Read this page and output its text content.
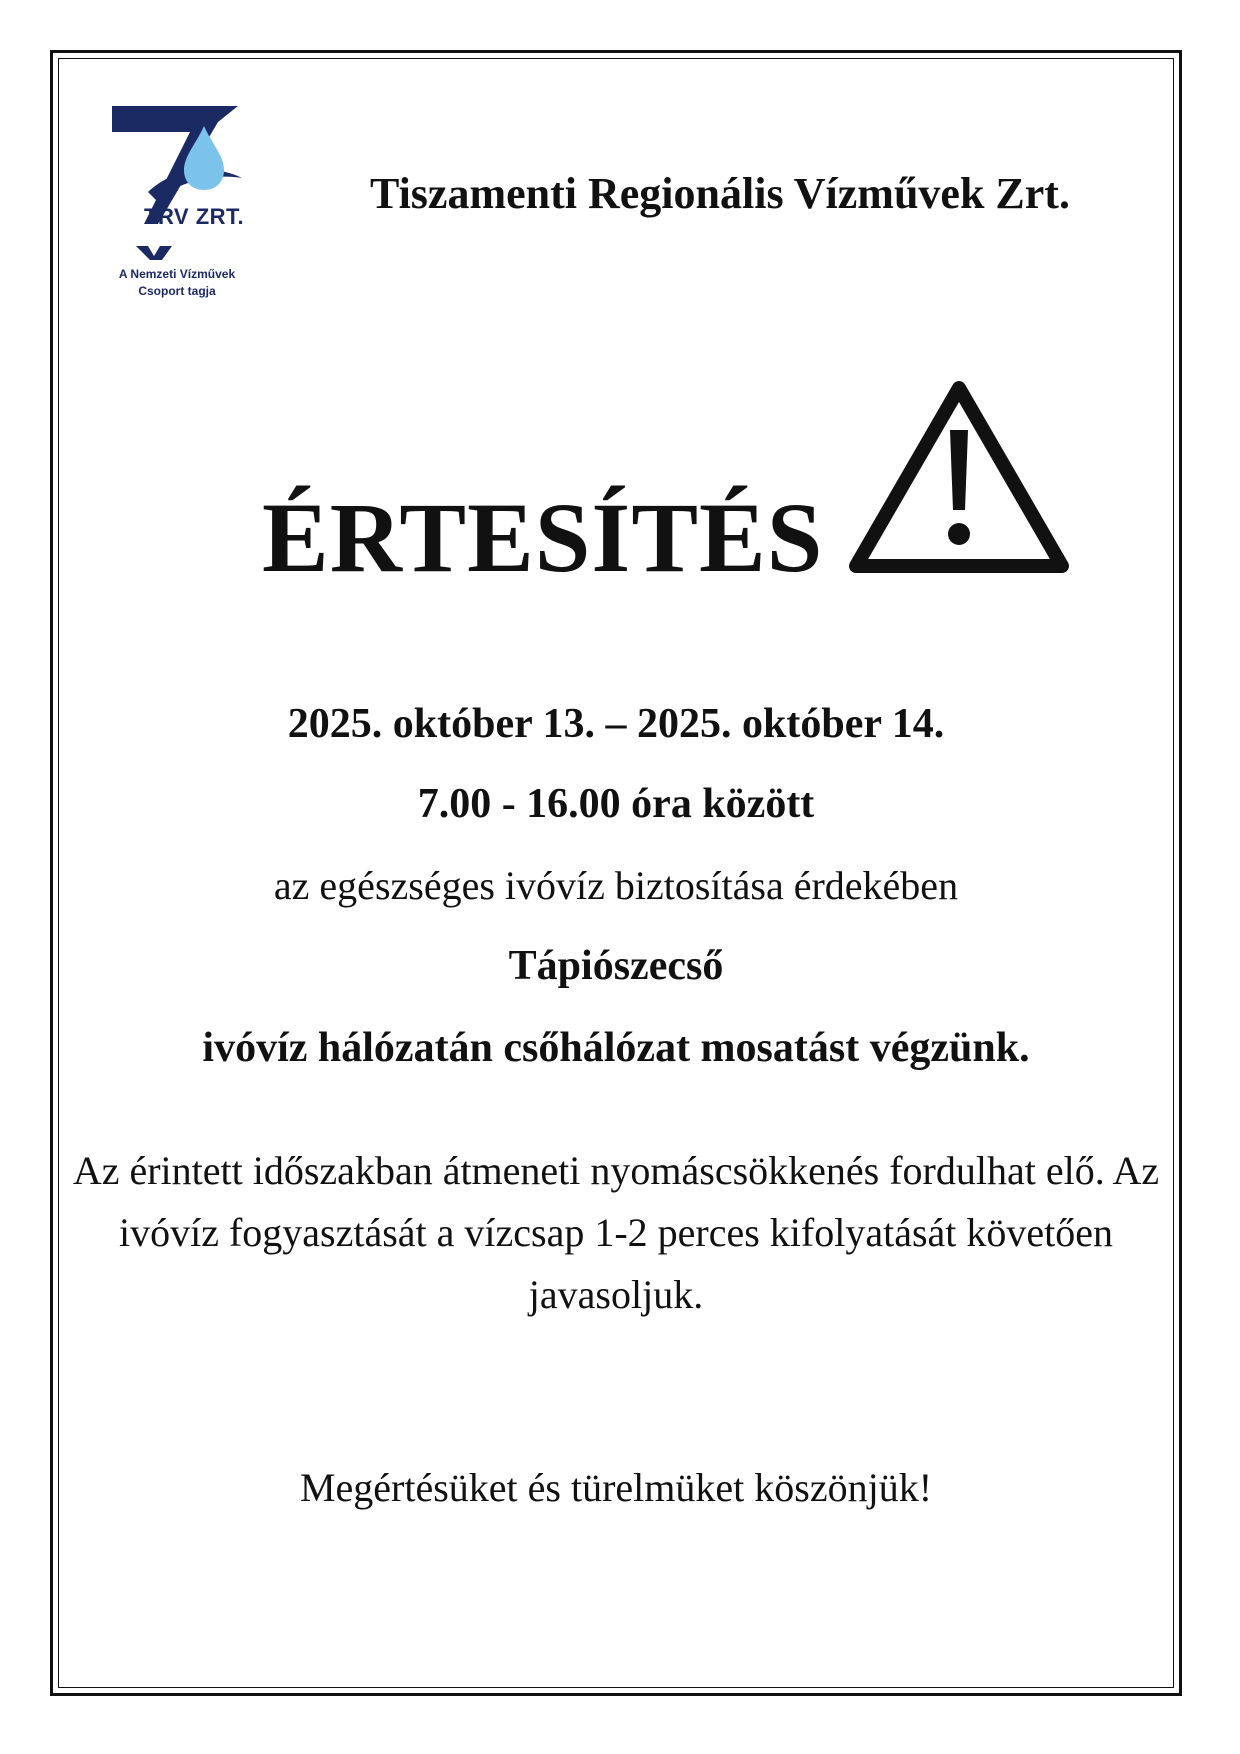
TRV ZRT.
A Nemzeti Vízművek
Csoport tagja
Tiszamenti Regionális Vízművek Zrt.
ÉRTESÍTÉS
2025. október 13. – 2025. október 14.
7.00 - 16.00 óra között
az egészséges ivóvíz biztosítása érdekében
Tápiószecső
ivóvíz hálózatán csőhálózat mosatást végzünk.
Az érintett időszakban átmeneti nyomáscsökkenés fordulhat elő. Az ivóvíz fogyasztását a vízcsap 1-2 perces kifolyatását követően javasoljuk.
Megértésüket és türelmüket köszönjük!
